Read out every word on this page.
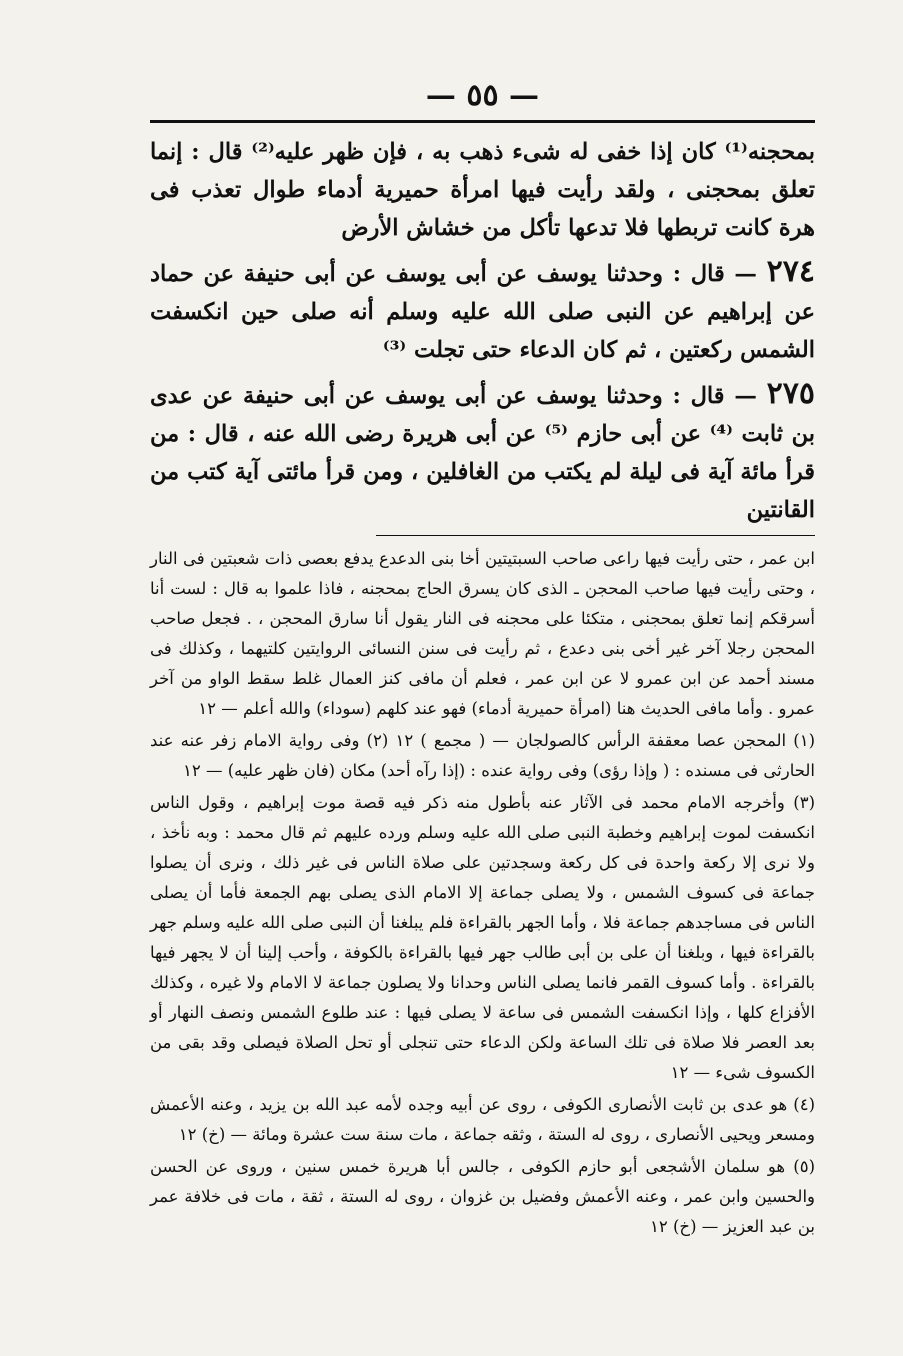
— ٥٥ —

بمحجنه⁽¹⁾ كان إذا خفى له شىء ذهب به ، فإن ظهر عليه⁽²⁾ قال : إنما تعلق بمحجنى ، ولقد رأيت فيها امرأة حميرية أدماء طوال تعذب فى هرة كانت تربطها فلا تدعها تأكل من خشاش الأرض

٢٧٤ — قال : وحدثنا يوسف عن أبى يوسف عن أبى حنيفة عن حماد عن إبراهيم عن النبى صلى الله عليه وسلم أنه صلى حين انكسفت الشمس ركعتين ، ثم كان الدعاء حتى تجلت ⁽³⁾

٢٧٥ — قال : وحدثنا يوسف عن أبى يوسف عن أبى حنيفة عن عدى بن ثابت ⁽⁴⁾ عن أبى حازم ⁽⁵⁾ عن أبى هريرة رضى الله عنه ، قال : من قرأ مائة آية فى ليلة لم يكتب من الغافلين ، ومن قرأ مائتى آية كتب من القانتين

ابن عمر ، حتى رأيت فيها راعى صاحب السبتيتين أخا بنى الدعدع يدفع بعصى ذات شعبتين فى النار ، وحتى رأيت فيها صاحب المحجن ـ الذى كان يسرق الحاج بمحجنه ، فاذا علموا به قال : لست أنا أسرقكم إنما تعلق بمحجنى ، متكئا على محجنه فى النار يقول أنا سارق المحجن ، . فجعل صاحب المحجن رجلا آخر غير أخى بنى دعدع ، ثم رأيت فى سنن النسائى الروايتين كلتيهما ، وكذلك فى مسند أحمد عن ابن عمرو لا عن ابن عمر ، فعلم أن مافى كنز العمال غلط سقط الواو من آخر عمرو . وأما مافى الحديث هنا (امرأة حميرية أدماء) فهو عند كلهم (سوداء) والله أعلم — ١٢

(١) المحجن عصا معقفة الرأس كالصولجان — ( مجمع ) ١٢ (٢) وفى رواية الامام زفر عنه عند الحارثى فى مسنده : ( وإذا رؤى) وفى رواية عنده : (إذا رآه أحد) مكان (فان ظهر عليه) — ١٢

(٣) وأخرجه الامام محمد فى الآثار عنه بأطول منه ذكر فيه قصة موت إبراهيم ، وقول الناس انكسفت لموت إبراهيم وخطبة النبى صلى الله عليه وسلم ورده عليهم ثم قال محمد : وبه نأخذ ، ولا نرى إلا ركعة واحدة فى كل ركعة وسجدتين على صلاة الناس فى غير ذلك ، ونرى أن يصلوا جماعة فى كسوف الشمس ، ولا يصلى جماعة إلا الامام الذى يصلى بهم الجمعة فأما أن يصلى الناس فى مساجدهم جماعة فلا ، وأما الجهر بالقراءة فلم يبلغنا أن النبى صلى الله عليه وسلم جهر بالقراءة فيها ، وبلغنا أن على بن أبى طالب جهر فيها بالقراءة بالكوفة ، وأحب إلينا أن لا يجهر فيها بالقراءة . وأما كسوف القمر فانما يصلى الناس وحدانا ولا يصلون جماعة لا الامام ولا غيره ، وكذلك الأفزاع كلها ، وإذا انكسفت الشمس فى ساعة لا يصلى فيها : عند طلوع الشمس ونصف النهار أو بعد العصر فلا صلاة فى تلك الساعة ولكن الدعاء حتى تنجلى أو تحل الصلاة فيصلى وقد بقى من الكسوف شىء — ١٢

(٤) هو عدى بن ثابت الأنصارى الكوفى ، روى عن أبيه وجده لأمه عبد الله بن يزيد ، وعنه الأعمش ومسعر ويحيى الأنصارى ، روى له الستة ، وثقه جماعة ، مات سنة ست عشرة ومائة — (خ) ١٢

(٥) هو سلمان الأشجعى أبو حازم الكوفى ، جالس أبا هريرة خمس سنين ، وروى عن الحسن والحسين وابن عمر ، وعنه الأعمش وفضيل بن غزوان ، روى له الستة ، ثقة ، مات فى خلافة عمر بن عبد العزيز — (خ) ١٢
